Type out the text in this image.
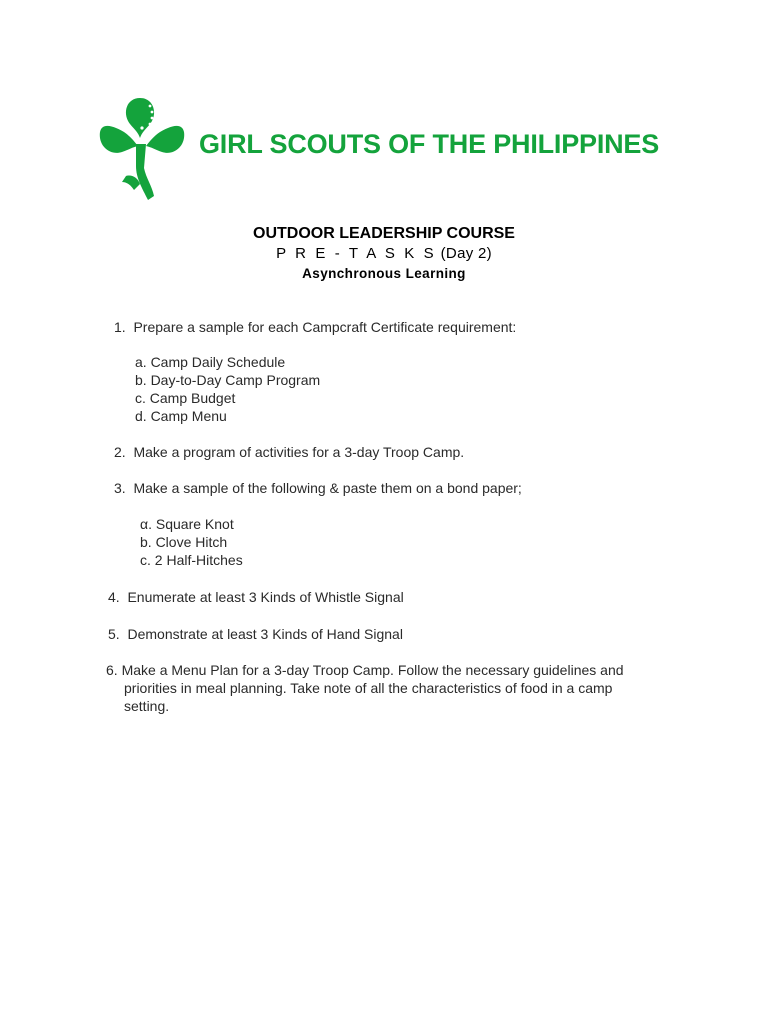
GIRL SCOUTS OF THE PHILIPPINES
OUTDOOR LEADERSHIP COURSE
P R E - T A S K S (Day 2)
Asynchronous Learning
1. Prepare a sample for each Campcraft Certificate requirement:
a. Camp Daily Schedule
b. Day-to-Day Camp Program
c. Camp Budget
d. Camp Menu
2. Make a program of activities for a 3-day Troop Camp.
3. Make a sample of the following & paste them on a bond paper;
α. Square Knot
b. Clove Hitch
c. 2 Half-Hitches
4. Enumerate at least 3 Kinds of Whistle Signal
5. Demonstrate at least 3 Kinds of Hand Signal
6. Make a Menu Plan for a 3-day Troop Camp. Follow the necessary guidelines and
priorities in meal planning. Take note of all the characteristics of food in a camp
setting.
